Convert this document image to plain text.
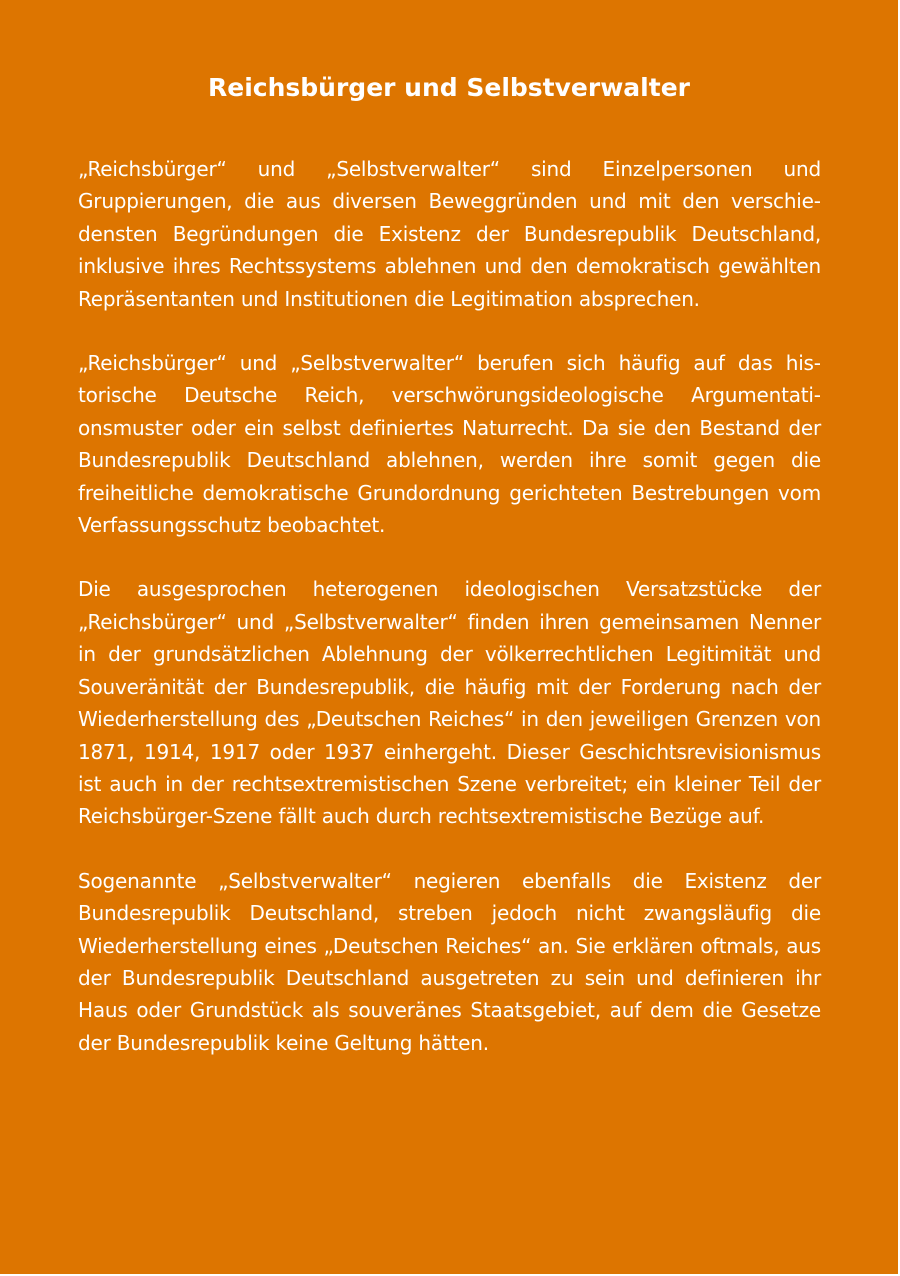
Reichsbürger und Selbstverwalter

„Reichsbürger“ und „Selbstverwalter“ sind Einzelpersonen und Gruppierungen, die aus diversen Beweggründen und mit den verschiedensten Begründungen die Existenz der Bundesrepublik Deutschland, inklusive ihres Rechtssystems ablehnen und den demokratisch gewählten Repräsentanten und Institutionen die Legitimation absprechen.

„Reichsbürger“ und „Selbstverwalter“ berufen sich häufig auf das historische Deutsche Reich, verschwörungsideologische Argumentationsmuster oder ein selbst definiertes Naturrecht. Da sie den Bestand der Bundesrepublik Deutschland ablehnen, werden ihre somit gegen die freiheitliche demokratische Grundordnung gerichteten Bestrebungen vom Verfassungsschutz beobachtet.

Die ausgesprochen heterogenen ideologischen Versatzstücke der „Reichsbürger“ und „Selbstverwalter“ finden ihren gemeinsamen Nenner in der grundsätzlichen Ablehnung der völkerrechtlichen Legitimität und Souveränität der Bundesrepublik, die häufig mit der Forderung nach der Wiederherstellung des „Deutschen Reiches“ in den jeweiligen Grenzen von 1871, 1914, 1917 oder 1937 einhergeht. Dieser Geschichtsrevisionismus ist auch in der rechtsextremistischen Szene verbreitet; ein kleiner Teil der Reichsbürger-Szene fällt auch durch rechtsextremistische Bezüge auf.

Sogenannte „Selbstverwalter“ negieren ebenfalls die Existenz der Bundesrepublik Deutschland, streben jedoch nicht zwangsläufig die Wiederherstellung eines „Deutschen Reiches“ an. Sie erklären oftmals, aus der Bundesrepublik Deutschland ausgetreten zu sein und definieren ihr Haus oder Grundstück als souveränes Staatsgebiet, auf dem die Gesetze der Bundesrepublik keine Geltung hätten.
